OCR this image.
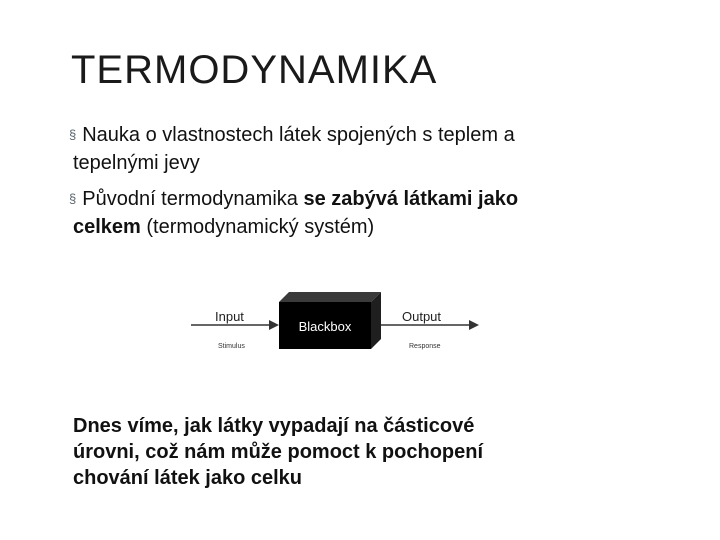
TERMODYNAMIKA
§ Nauka o vlastnostech látek spojených s teplem a
tepelnými jevy
§ Původní termodynamika se zabývá látkami jako
celkem (termodynamický systém)
Input
Stimulus
Blackbox
Output
Response
Dnes víme, jak látky vypadají na částicové
úrovni, což nám může pomoct k pochopení
chování látek jako celku
